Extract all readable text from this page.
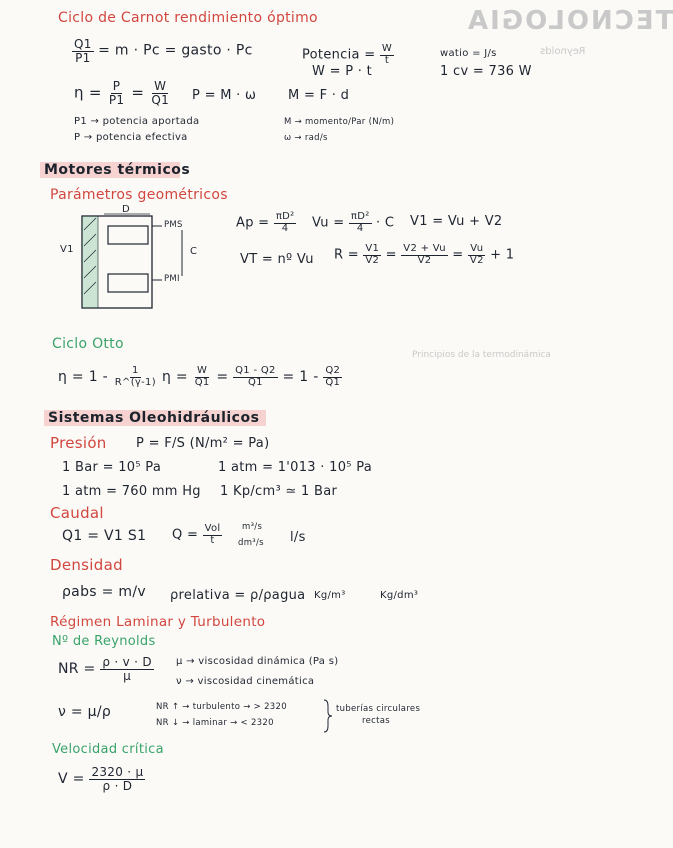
Ciclo de Carnot rendimiento óptimo	TECNOLOGIA
Reynolds
$\frac{Q1}{P1} = m \cdot Pc$ = gasto · Pc	Potencia = $\frac{W}{t}$
W = P · t
watio = J/s
1 cv = 736 W
$\eta = \frac{P}{P1} = \frac{W}{Q1}$ P = M · ω M = F · d
P1 → potencia aportada
P → potencia efectiva
M → momento/Par (N/m)
ω → rad/s
Motores térmicos
Parámetros geométricos
D
PMS
PMI
C
V1
$Ap = \frac{\text{πD²}}{4}$ $Vu = \frac{\text{πD²}}{4} \cdot C$ V1 = Vu + V2
VT = nº Vu $R = \frac{V1}{V2} = \frac{V2 + Vu}{V2} = \frac{Vu}{V2} + 1$
Ciclo Otto
Principios de la termodinámica
$\eta = 1 - \frac{1}{R\^{}(\gamma-1)}$ $\eta = \frac{W}{Q1} = \frac{Q1 - Q2}{Q1} = 1 - \frac{Q2}{Q1}$
Sistemas Oleohidráulicos
Presión P = F/S (N/m² = Pa)
1 Bar = 10⁵ Pa	1 atm = 1'013 · 10⁵ Pa
1 atm = 760 mm Hg 1 Kp/cm³ ≃ 1 Bar
Caudal
Q1 = V1 S1 $Q = \frac{\text{Vol}}{t} m^3/s$
dm³/s l/s
Densidad
ρabs = m/v ρrelativa = ρ/ρagua Kg/m³	Kg/dm³
Régimen Laminar y Turbulento
Nº de Reynolds
NR = $\frac{\rho \cdot v \cdot D}{\mu}$ μ → viscosidad dinámica (Pa s)
ν → viscosidad cinemática
ν = μ/ρ	NR ↑ → turbulento → > 2320
NR ↓ → laminar → < 2320
tuberías circulares
rectas
Velocidad crítica
$V = \frac{2320 \cdot \mu}{\rho \cdot D}$
